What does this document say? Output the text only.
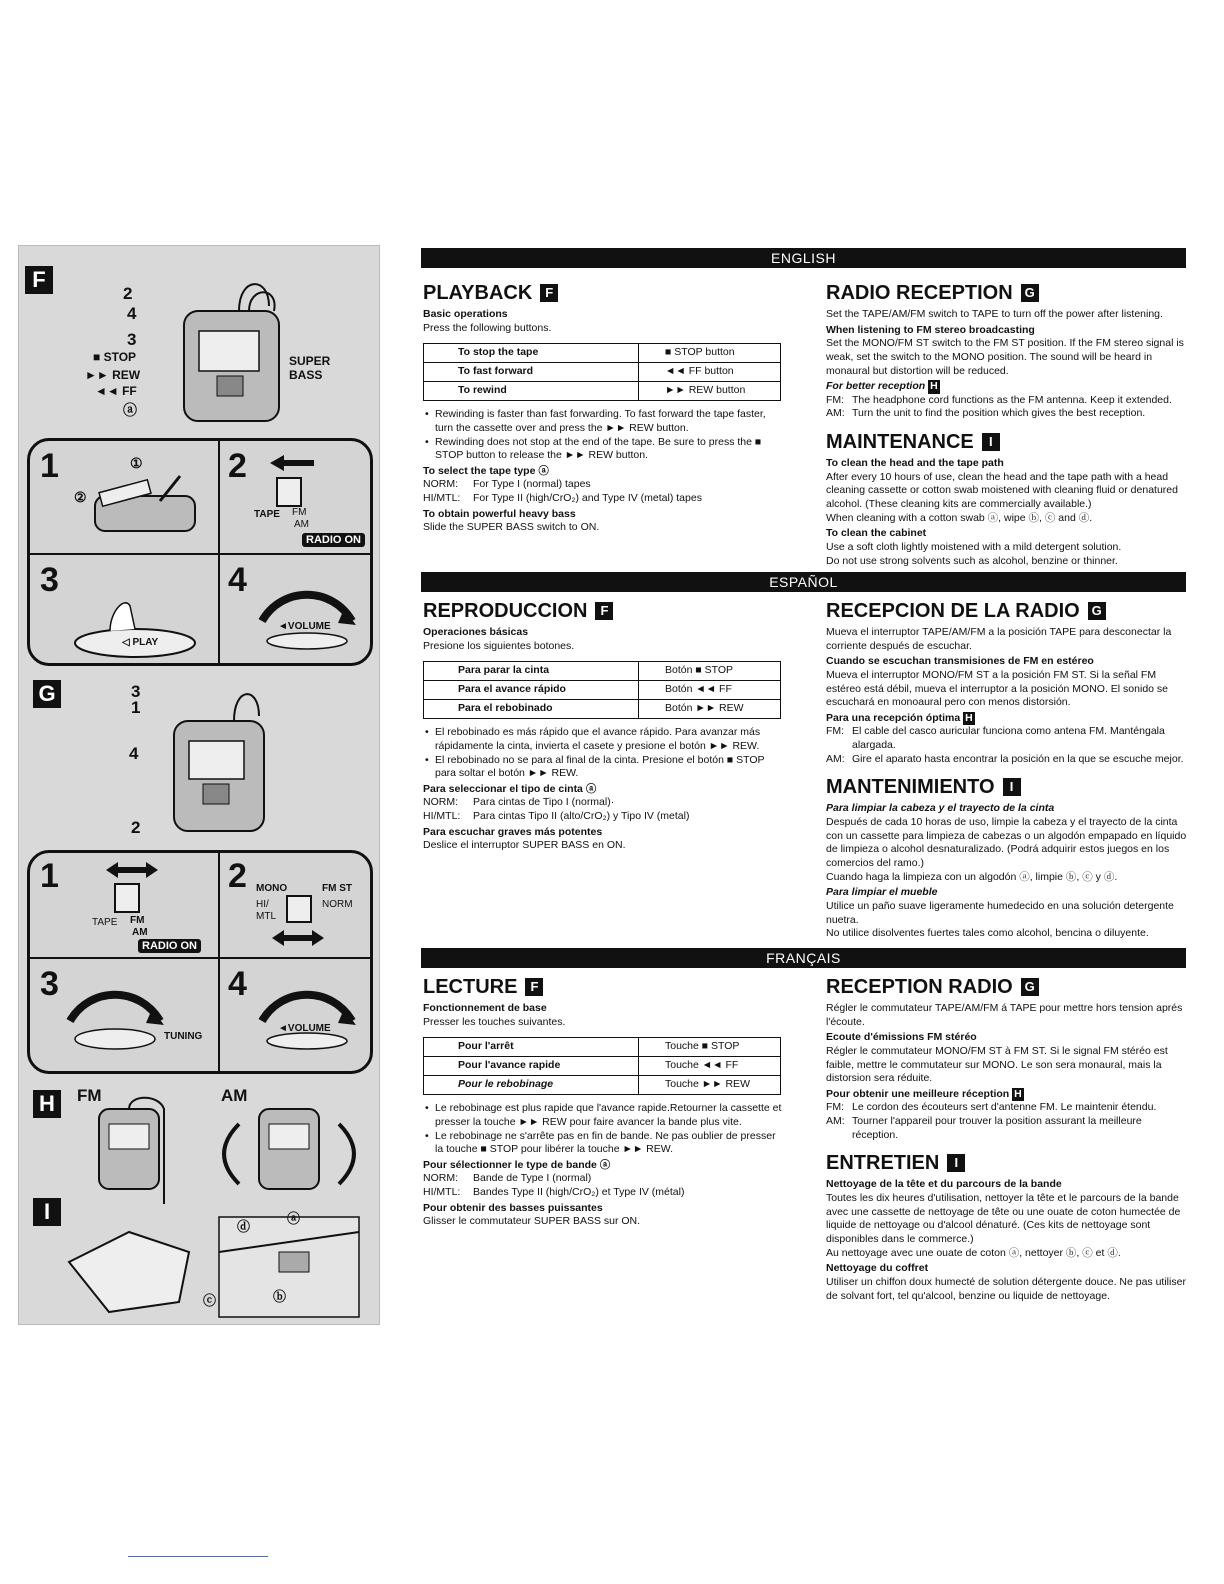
F
2
4
3
■ STOP
►► REW
◄◄ FF
ⓐ
SUPER BASS
1	2
3	4
①
②
TAPE FM
AM
RADIO ON
◁ PLAY
◄VOLUME
G	3
1
4
2
1	2
3	4
TAPE FM
AM
RADIO ON
MONO	FM ST
HI/
MTL
NORM
TUNING
◄VOLUME
H	FM	AM
I
ⓓ
ⓐ
ⓒ	ⓑ
ENGLISH
PLAYBACK	F
Basic operations
Press the following buttons.
To stop the tape	■ STOP button
To fast forward	◄◄ FF button
To rewind	►► REW button
• Rewinding is faster than fast forwarding. To fast forward the tape faster, turn the cassette over and press the ►► REW button.
• Rewinding does not stop at the end of the tape. Be sure to press the ■ STOP button to release the ►► REW button.
To select the tape type ⓐ
NORM:	For Type I (normal) tapes
HI/MTL:	For Type II (high/CrO₂) and Type IV (metal) tapes
To obtain powerful heavy bass
Slide the SUPER BASS switch to ON.
RADIO RECEPTION G
Set the TAPE/AM/FM switch to TAPE to turn off the power after listening.
When listening to FM stereo broadcasting
Set the MONO/FM ST switch to the FM ST position. If the FM stereo signal is weak, set the switch to the MONO position. The sound will be heard in monaural but distortion will be reduced.
For better reception H
FM: The headphone cord functions as the FM antenna. Keep it extended.
AM: Turn the unit to find the position which gives the best reception.
MAINTENANCE	I
To clean the head and the tape path
After every 10 hours of use, clean the head and the tape path with a head cleaning cassette or cotton swab moistened with cleaning fluid or denatured alcohol. (These cleaning kits are commercially available.)
When cleaning with a cotton swab ⓐ, wipe ⓑ, ⓒ and ⓓ.
To clean the cabinet
Use a soft cloth lightly moistened with a mild detergent solution.
Do not use strong solvents such as alcohol, benzine or thinner.
ESPAÑOL
REPRODUCCION	F
Operaciones básicas
Presione los siguientes botones.
Para parar la cinta	Botón ■ STOP
Para el avance rápido	Botón ◄◄ FF
Para el rebobinado	Botón ►► REW
• El rebobinado es más rápido que el avance rápido. Para avanzar más rápidamente la cinta, invierta el casete y presione el botón ►► REW.
• El rebobinado no se para al final de la cinta. Presione el botón ■ STOP para soltar el botón ►► REW.
Para seleccionar el tipo de cinta ⓐ
NORM:	Para cintas de Tipo I (normal)·
HI/MTL:	Para cintas Tipo II (alto/CrO₂) y Tipo IV (metal)
Para escuchar graves más potentes
Deslice el interruptor SUPER BASS en ON.
RECEPCION DE LA RADIO G
Mueva el interruptor TAPE/AM/FM a la posición TAPE para desconectar la corriente después de escuchar.
Cuando se escuchan transmisiones de FM en estéreo
Mueva el interruptor MONO/FM ST a la posición FM ST. Si la señal FM estéreo está débil, mueva el interruptor a la posición MONO. El sonido se escuchará en monoaural pero con menos distorsión.
Para una recepción óptima H
FM: El cable del casco auricular funciona como antena FM. Manténgala alargada.
AM: Gire el aparato hasta encontrar la posición en la que se escuche mejor.
MANTENIMIENTO	I
Para limpiar la cabeza y el trayecto de la cinta
Después de cada 10 horas de uso, limpie la cabeza y el trayecto de la cinta con un cassette para limpieza de cabezas o un algodón empapado en líquido de limpieza o alcohol desnaturalizado. (Podrá adquirir estos juegos en los comercios del ramo.)
Cuando haga la limpieza con un algodón ⓐ, limpie ⓑ, ⓒ y ⓓ.
Para limpiar el mueble
Utilice un paño suave ligeramente humedecido en una solución detergente nuetra.
No utilice disolventes fuertes tales como alcohol, bencina o diluyente.
FRANÇAIS
LECTURE	F
Fonctionnement de base
Presser les touches suivantes.
Pour l'arrêt	Touche ■ STOP
Pour l'avance rapide	Touche ◄◄ FF
Pour le rebobinage	Touche ►► REW
• Le rebobinage est plus rapide que l'avance rapide.Retourner la cassette et presser la touche ►► REW pour faire avancer la bande plus vite.
• Le rebobinage ne s'arrête pas en fin de bande. Ne pas oublier de presser la touche ■ STOP pour libérer la touche ►► REW.
Pour sélectionner le type de bande ⓐ
NORM:	Bande de Type I (normal)
HI/MTL:	Bandes Type II (high/CrO₂) et Type IV (métal)
Pour obtenir des basses puissantes
Glisser le commutateur SUPER BASS sur ON.
RECEPTION RADIO G
Régler le commutateur TAPE/AM/FM á TAPE pour mettre hors tension aprés l'écoute.
Ecoute d'émissions FM stéréo
Régler le commutateur MONO/FM ST à FM ST. Si le signal FM stéréo est faible, mettre le commutateur sur MONO. Le son sera monaural, mais la distorsion sera réduite.
Pour obtenir une meilleure réception H
FM: Le cordon des écouteurs sert d'antenne FM. Le maintenir étendu.
AM: Tourner l'appareil pour trouver la position assurant la meilleure réception.
ENTRETIEN	I
Nettoyage de la tête et du parcours de la bande
Toutes les dix heures d'utilisation, nettoyer la tête et le parcours de la bande avec une cassette de nettoyage de tête ou une ouate de coton humectée de liquide de nettoyage ou d'alcool dénaturé. (Ces kits de nettoyage sont disponibles dans le commerce.)
Au nettoyage avec une ouate de coton ⓐ, nettoyer ⓑ, ⓒ et ⓓ.
Nettoyage du coffret
Utiliser un chiffon doux humecté de solution détergente douce. Ne pas utiliser de solvant fort, tel qu'alcool, benzine ou liquide de nettoyage.
